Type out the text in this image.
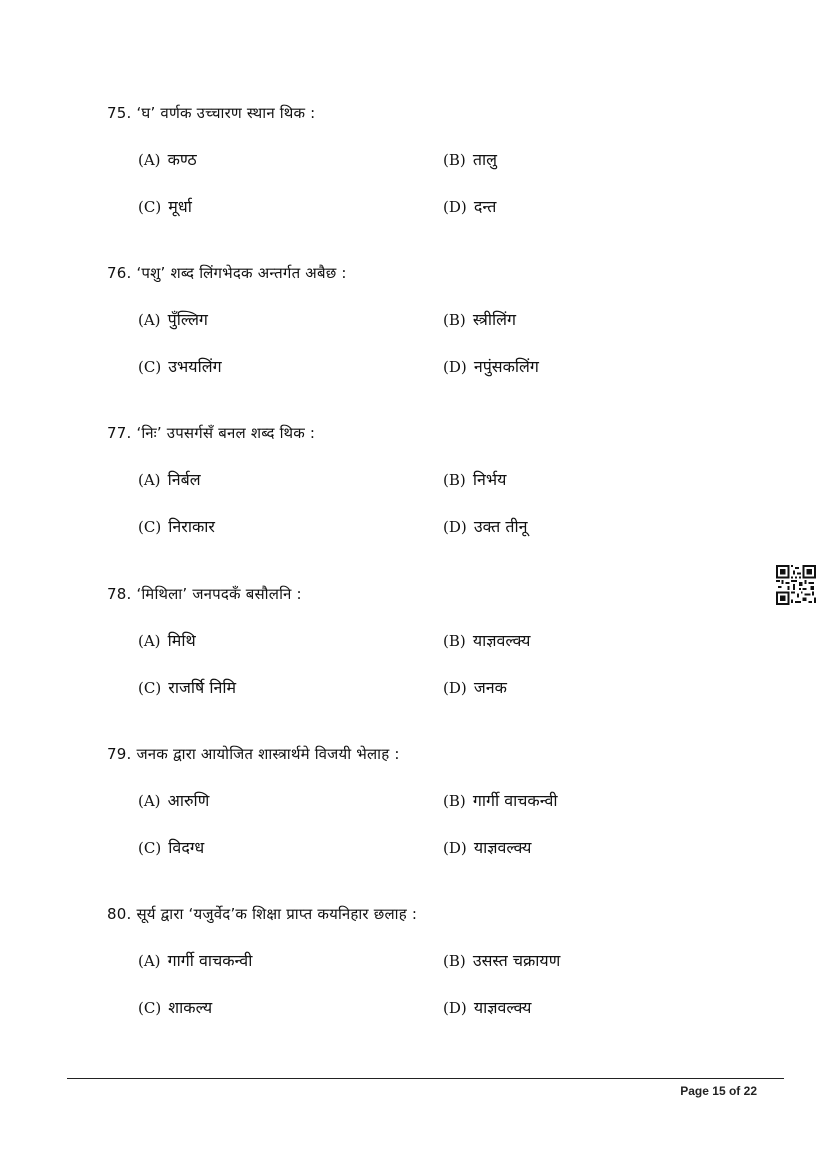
75. ‘घ’ वर्णक उच्चारण स्थान थिक :
(A) कण्ठ	(B) तालु
(C) मूर्धा	(D) दन्त
76. ‘पशु’ शब्द लिंगभेदक अन्तर्गत अबैछ :
(A) पुँल्लिग	(B) स्त्रीलिंग
(C) उभयलिंग	(D) नपुंसकलिंग
77. ‘निः’ उपसर्गसँ बनल शब्द थिक :
(A) निर्बल	(B) निर्भय
(C) निराकार	(D) उक्त तीनू
78. ‘मिथिला’ जनपदकँ बसौलनि :
(A) मिथि	(B) याज्ञवल्क्य
(C) राजर्षि निमि	(D) जनक
79. जनक द्वारा आयोजित शास्त्रार्थमे विजयी भेलाह :
(A) आरुणि	(B) गार्गी वाचकन्वी
(C) विदग्ध	(D) याज्ञवल्क्य
80. सूर्य द्वारा ‘यजुर्वेद’क शिक्षा प्राप्त कयनिहार छलाह :
(A) गार्गी वाचकन्वी	(B) उसस्त चक्रायण
(C) शाकल्य	(D) याज्ञवल्क्य
Page 15 of 22
